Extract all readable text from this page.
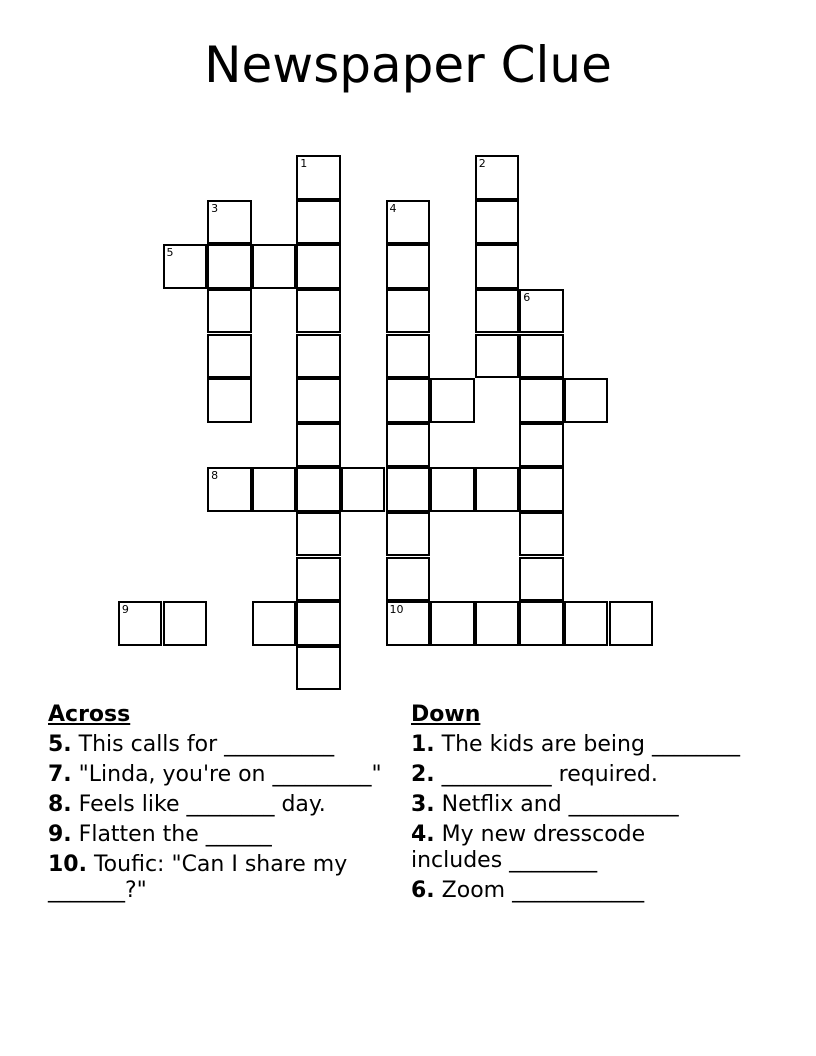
Newspaper Clue
1	2
3	4
10
6
5
8
9
Across
5. This calls for __________
7. "Linda, you're on _________"
8. Feels like ________ day.
9. Flatten the ______
10. Toufic: "Can I share my _______?"
Down
1. The kids are being ________
2. __________ required.
3. Netflix and __________
4. My new dresscode includes ________
6. Zoom ____________
